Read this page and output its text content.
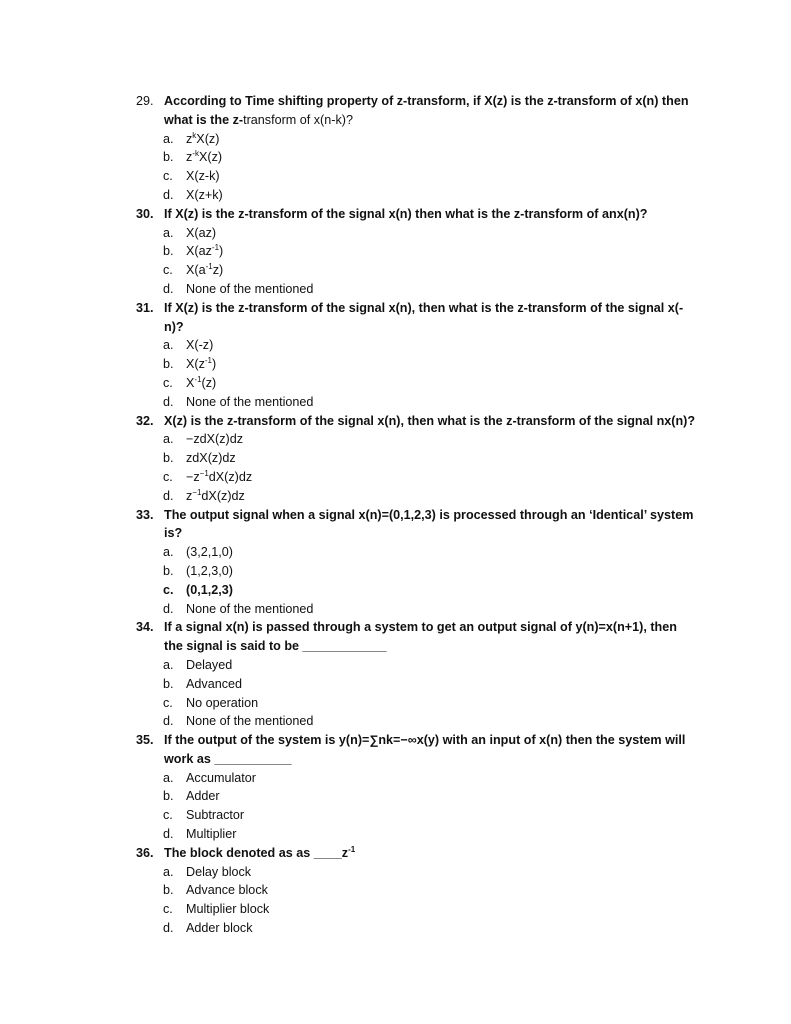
29. According to Time shifting property of z-transform, if X(z) is the z-transform of x(n) then what is the z-transform of x(n-k)?
a. $z^kX(z)$
b. $z^{-k}X(z)$
c. X(z-k)
d. X(z+k)
30. If X(z) is the z-transform of the signal x(n) then what is the z-transform of anx(n)?
a. X(az)
b. $X(az^{-1})$
c. $X(a^{-1}z)$
d. None of the mentioned
31. If X(z) is the z-transform of the signal x(n), then what is the z-transform of the signal x(-n)?
a. X(-z)
b. $X(z^{-1})$
c. $X^{-1}(z)$
d. None of the mentioned
32. X(z) is the z-transform of the signal x(n), then what is the z-transform of the signal nx(n)?
a. −zdX(z)dz
b. zdX(z)dz
c. $-z^{-1}dX(z)dz$
d. $z^{-1}dX(z)dz$
33. The output signal when a signal x(n)=(0,1,2,3) is processed through an ‘Identical’ system is?
a. (3,2,1,0)
b. (1,2,3,0)
c. (0,1,2,3)
d. None of the mentioned
34. If a signal x(n) is passed through a system to get an output signal of y(n)=x(n+1), then the signal is said to be ____________
a. Delayed
b. Advanced
c. No operation
d. None of the mentioned
35. If the output of the system is y(n)=∑nk=−∞x(y) with an input of x(n) then the system will work as ___________
a. Accumulator
b. Adder
c. Subtractor
d. Multiplier
36. The block denoted as as $\_\_\_\_z^{-1}$
a. Delay block
b. Advance block
c. Multiplier block
d. Adder block
